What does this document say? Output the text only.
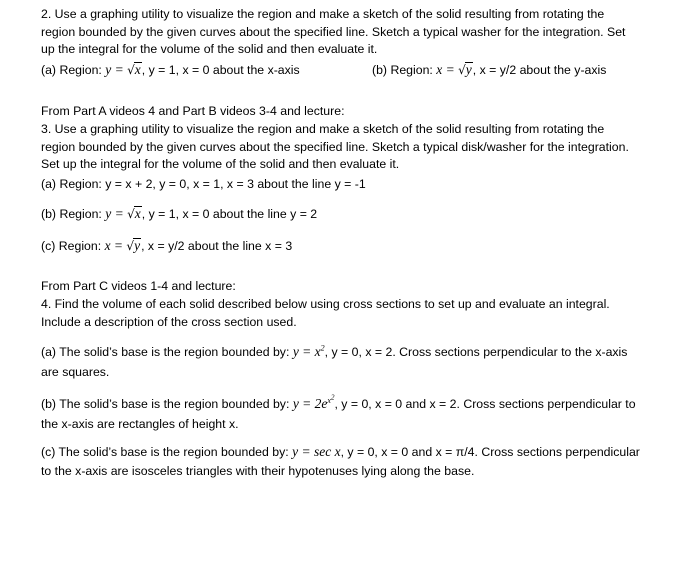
2. Use a graphing utility to visualize the region and make a sketch of the solid resulting from rotating the
region bounded by the given curves about the specified line. Sketch a typical washer for the integration. Set
up the integral for the volume of the solid and then evaluate it.
(a) Region: y = √x, y = 1, x = 0 about the x-axis	(b) Region: x = √y, x = y/2 about the y-axis
From Part A videos 4 and Part B videos 3-4 and lecture:
3. Use a graphing utility to visualize the region and make a sketch of the solid resulting from rotating the
region bounded by the given curves about the specified line. Sketch a typical disk/washer for the integration.
Set up the integral for the volume of the solid and then evaluate it.
(a) Region: y = x + 2, y = 0, x = 1, x = 3 about the line y = -1
(b) Region: y = √x, y = 1, x = 0 about the line y = 2
(c) Region: x = √y, x = y/2 about the line x = 3
From Part C videos 1-4 and lecture:
4. Find the volume of each solid described below using cross sections to set up and evaluate an integral.
Include a description of the cross section used.
(a) The solid’s base is the region bounded by: $y = x^2$, y = 0, x = 2. Cross sections perpendicular to the x-axis
are squares.
(b) The solid’s base is the region bounded by: $y = 2e^{x^2}$, y = 0, x = 0 and x = 2. Cross sections perpendicular to
the x-axis are rectangles of height x.
(c) The solid’s base is the region bounded by: y = sec x, y = 0, x = 0 and x = π/4. Cross sections perpendicular
to the x-axis are isosceles triangles with their hypotenuses lying along the base.
